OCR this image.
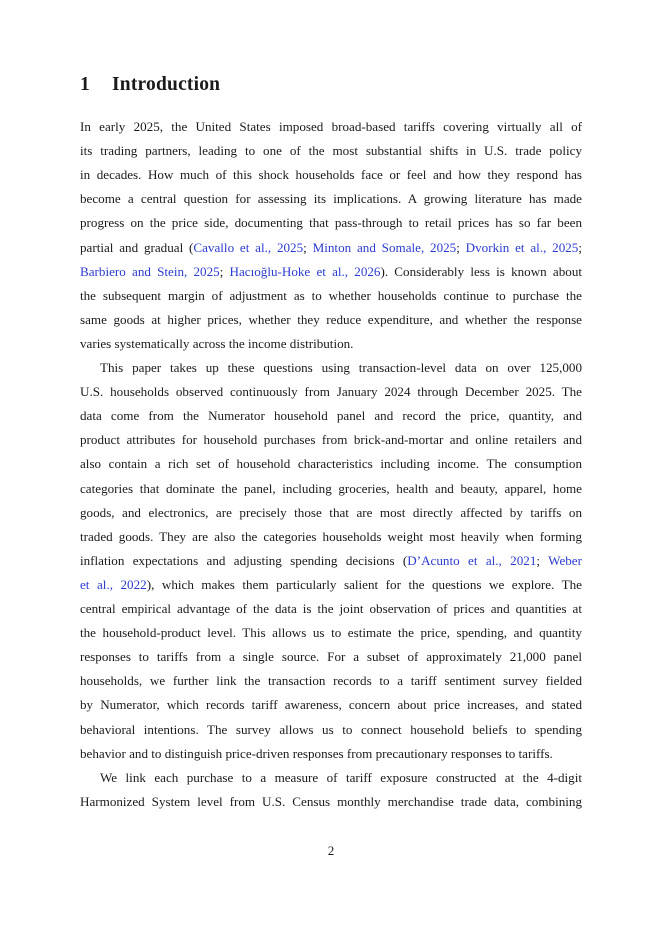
1 Introduction
In early 2025, the United States imposed broad-based tariffs covering virtually all of
its trading partners, leading to one of the most substantial shifts in U.S. trade policy
in decades. How much of this shock households face or feel and how they respond has
become a central question for assessing its implications. A growing literature has made
progress on the price side, documenting that pass-through to retail prices has so far been
partial and gradual (Cavallo et al., 2025; Minton and Somale, 2025; Dvorkin et al., 2025;
Barbiero and Stein, 2025; Hacıoğlu-Hoke et al., 2026). Considerably less is known about
the subsequent margin of adjustment as to whether households continue to purchase the
same goods at higher prices, whether they reduce expenditure, and whether the response
varies systematically across the income distribution.
This paper takes up these questions using transaction-level data on over 125,000
U.S. households observed continuously from January 2024 through December 2025. The
data come from the Numerator household panel and record the price, quantity, and
product attributes for household purchases from brick-and-mortar and online retailers and
also contain a rich set of household characteristics including income. The consumption
categories that dominate the panel, including groceries, health and beauty, apparel, home
goods, and electronics, are precisely those that are most directly affected by tariffs on
traded goods. They are also the categories households weight most heavily when forming
inflation expectations and adjusting spending decisions (D’Acunto et al., 2021; Weber
et al., 2022), which makes them particularly salient for the questions we explore. The
central empirical advantage of the data is the joint observation of prices and quantities at
the household-product level. This allows us to estimate the price, spending, and quantity
responses to tariffs from a single source. For a subset of approximately 21,000 panel
households, we further link the transaction records to a tariff sentiment survey fielded
by Numerator, which records tariff awareness, concern about price increases, and stated
behavioral intentions. The survey allows us to connect household beliefs to spending
behavior and to distinguish price-driven responses from precautionary responses to tariffs.
We link each purchase to a measure of tariff exposure constructed at the 4-digit
Harmonized System level from U.S. Census monthly merchandise trade data, combining
2
